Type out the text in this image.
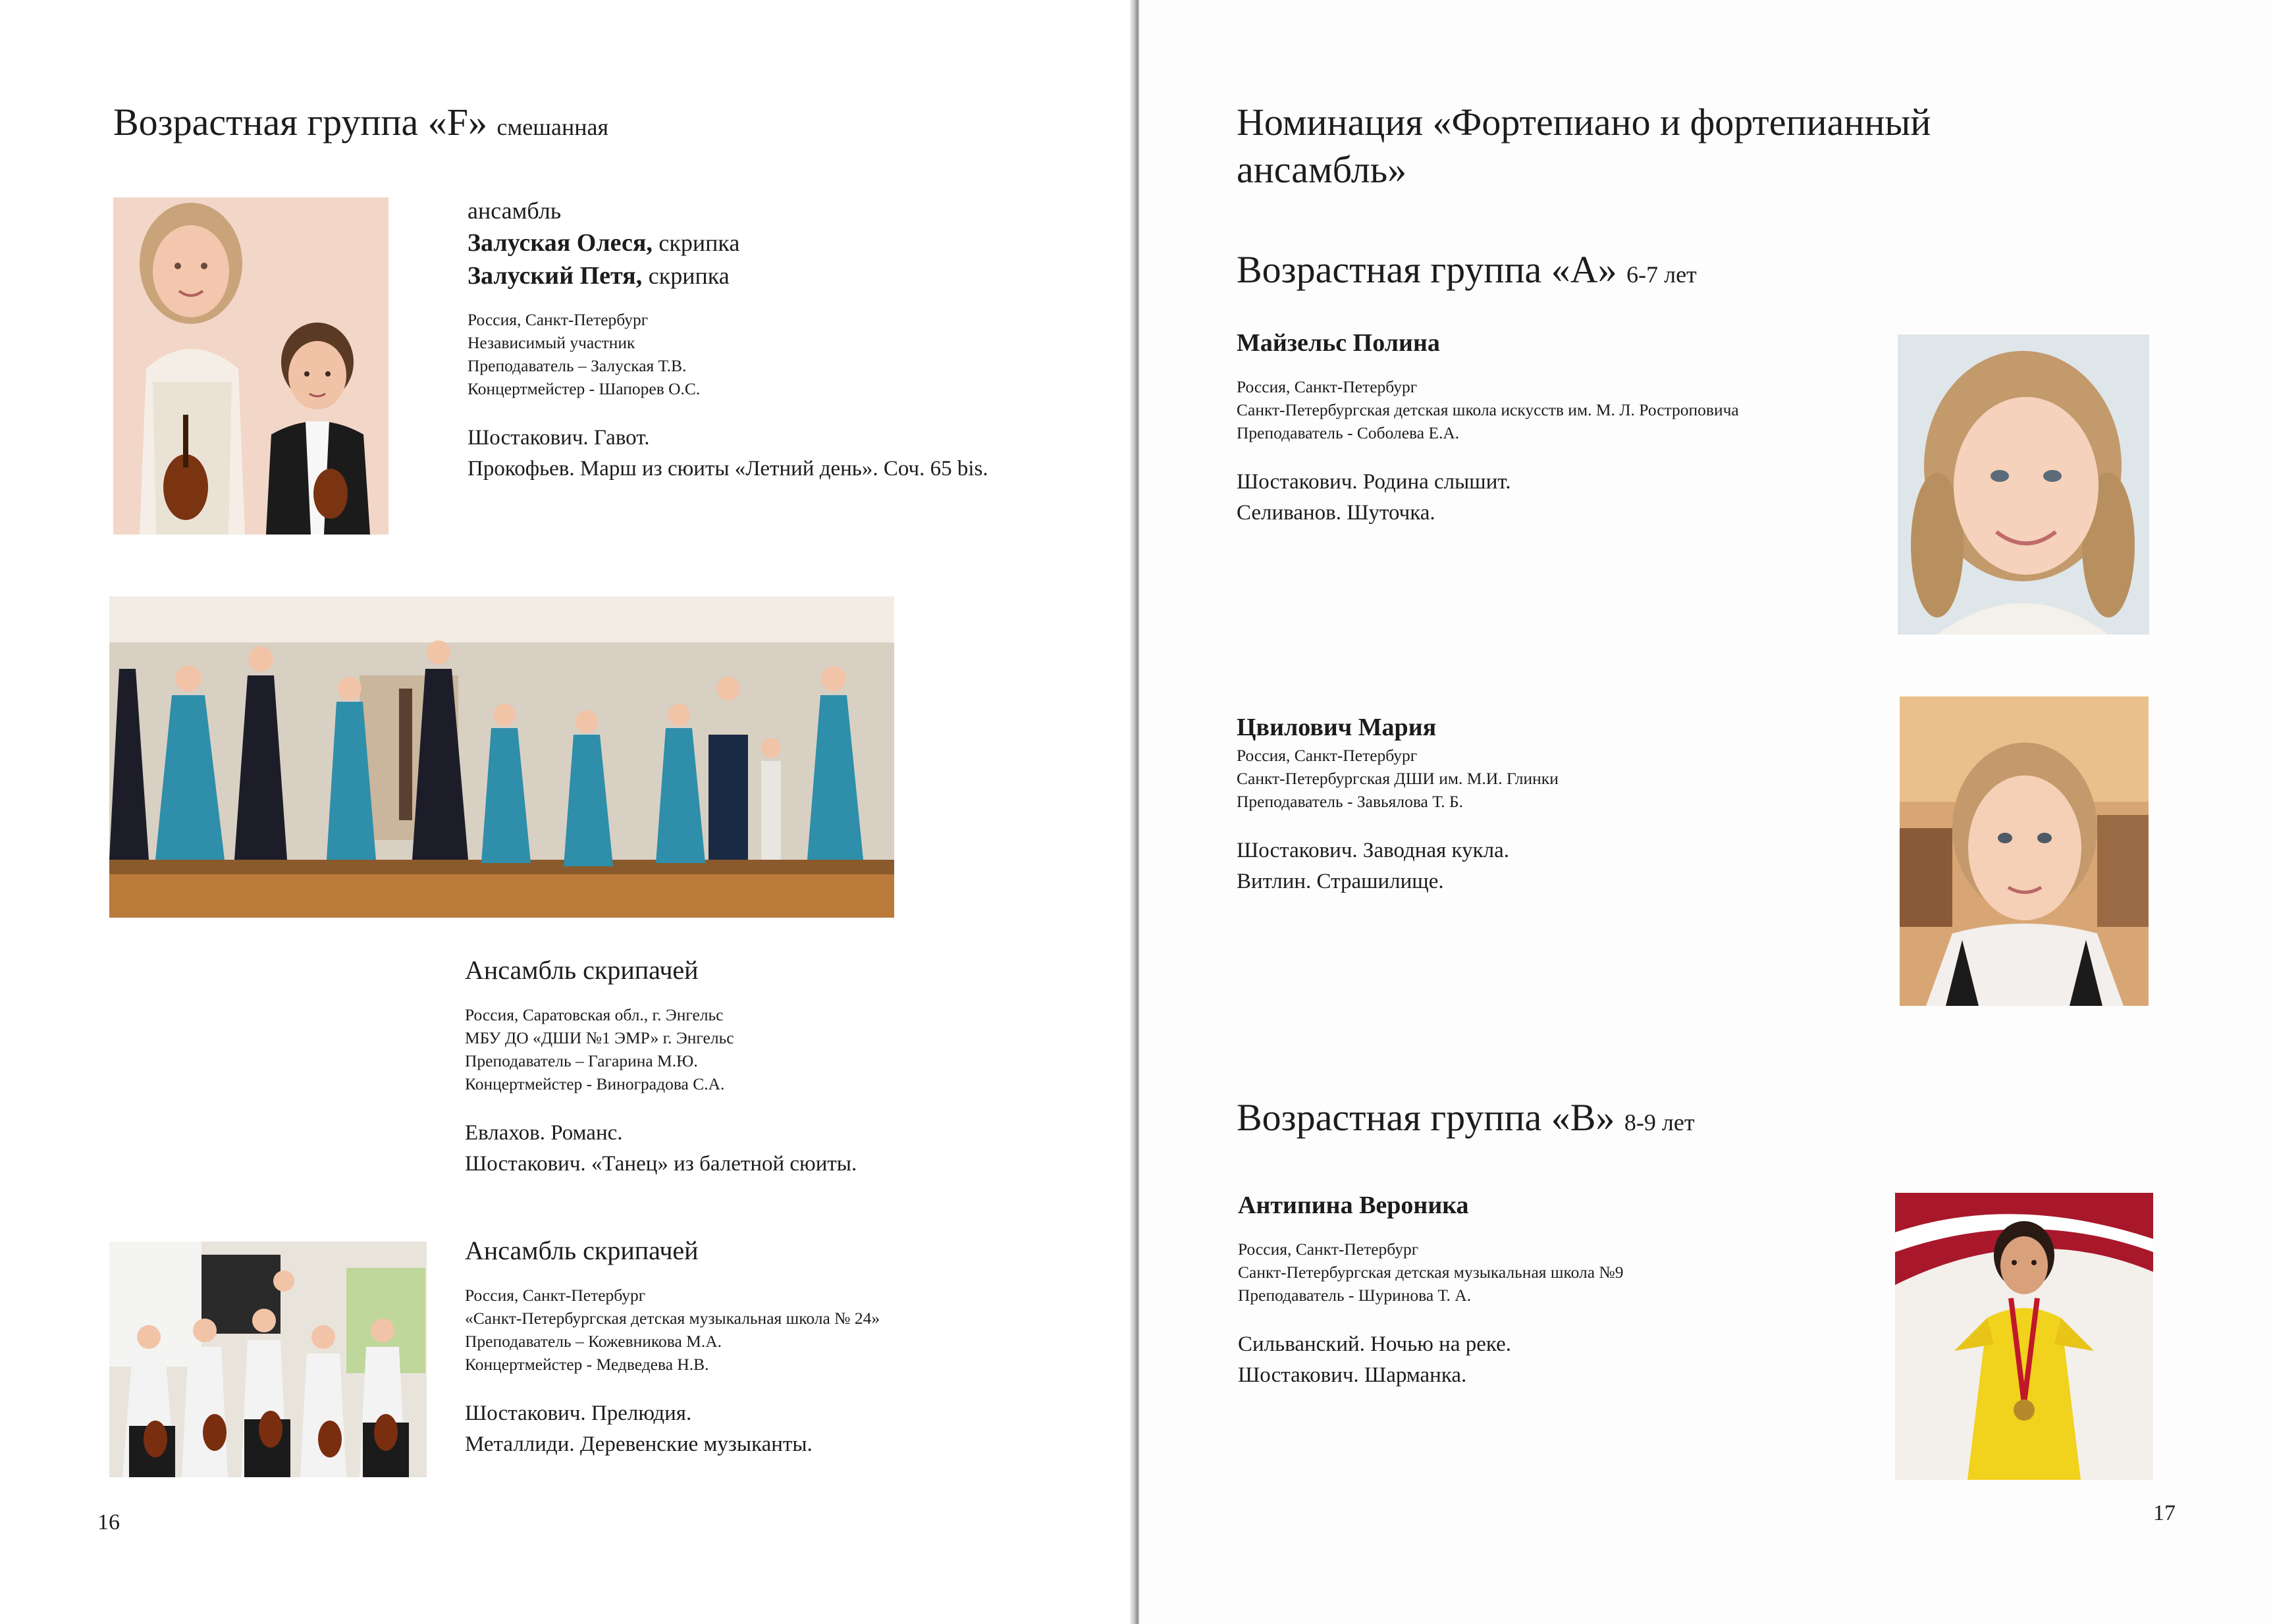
Возрастная группа «F» смешанная
ансамбль
Залуская Олеся, скрипка
Залуский Петя, скрипка
Россия, Санкт-Петербург
Независимый участник
Преподаватель – Залуская Т.В.
Концертмейстер - Шапорев О.С.
Шостакович. Гавот.
Прокофьев. Марш из сюиты «Летний день». Соч. 65 bis.
Ансамбль скрипачей
Россия, Саратовская обл., г. Энгельс
МБУ ДО «ДШИ №1 ЭМР» г. Энгельс
Преподаватель – Гагарина М.Ю.
Концертмейстер - Виноградова С.А.
Евлахов. Романс.
Шостакович. «Танец» из балетной сюиты.
Ансамбль скрипачей
Россия, Санкт-Петербург
«Санкт-Петербургская детская музыкальная школа № 24»
Преподаватель – Кожевникова М.А.
Концертмейстер - Медведева Н.В.
Шостакович. Прелюдия.
Металлиди. Деревенские музыканты.
16
Номинация «Фортепиано и фортепианный
ансамбль»
Возрастная группа «А» 6-7 лет
Майзельс Полина
Россия, Санкт-Петербург
Санкт-Петербургская детская школа искусств им. М. Л. Ростроповича
Преподаватель - Соболева Е.А.
Шостакович. Родина слышит.
Селиванов. Шуточка.
Цвилович Мария
Россия, Санкт-Петербург
Санкт-Петербургская ДШИ им. М.И. Глинки
Преподаватель - Завьялова Т. Б.
Шостакович. Заводная кукла.
Витлин. Страшилище.
Возрастная группа «В» 8-9 лет
Антипина Вероника
Россия, Санкт-Петербург
Санкт-Петербургская детская музыкальная школа №9
Преподаватель - Шуринова Т. А.
Сильванский. Ночью на реке.
Шостакович. Шарманка.
17
